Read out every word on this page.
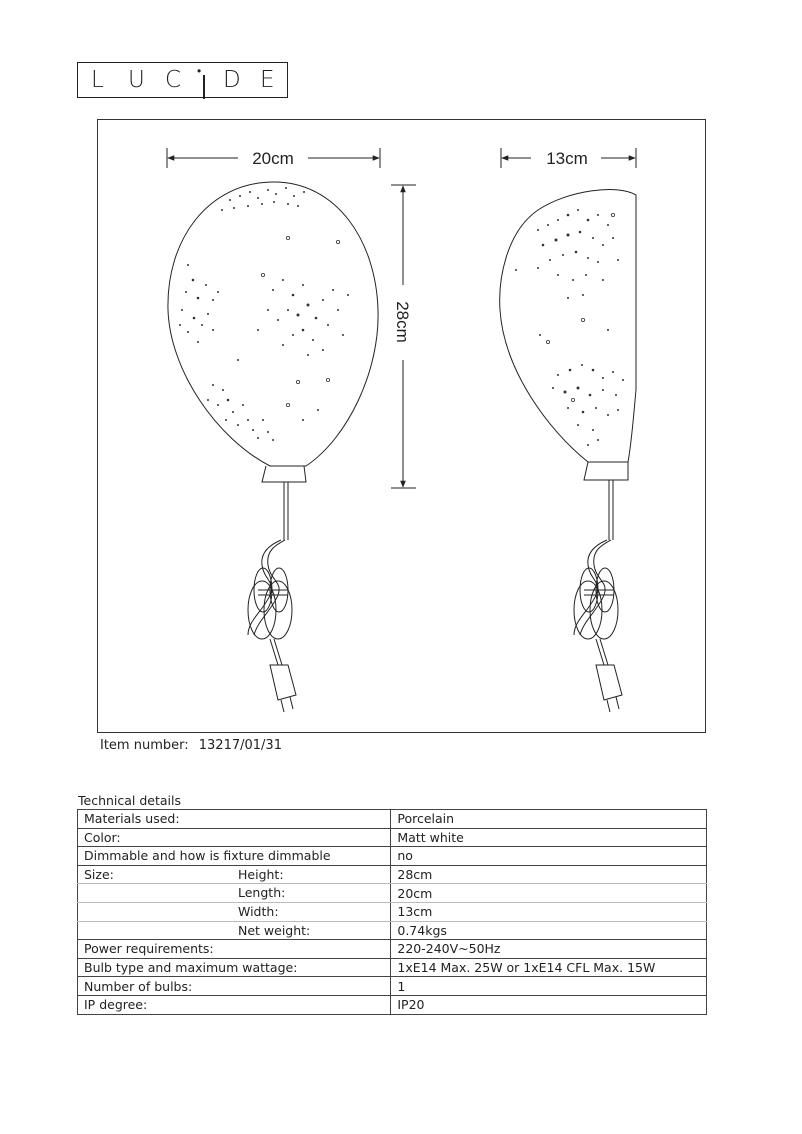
L U C • D E
20cm
28cm
13cm
Item number: 13217/01/31
Technical details
Materials used:	Porcelain
Color:	Matt white
Dimmable and how is fixture dimmable	no
Size: Height:	28cm

Length:	20cm

Width:	13cm

Net weight:	0.74kgs
Power requirements:	220-240V~50Hz
Bulb type and maximum wattage:	1xE14 Max. 25W or 1xE14 CFL Max. 15W
Number of bulbs:	1
IP degree:	IP20
